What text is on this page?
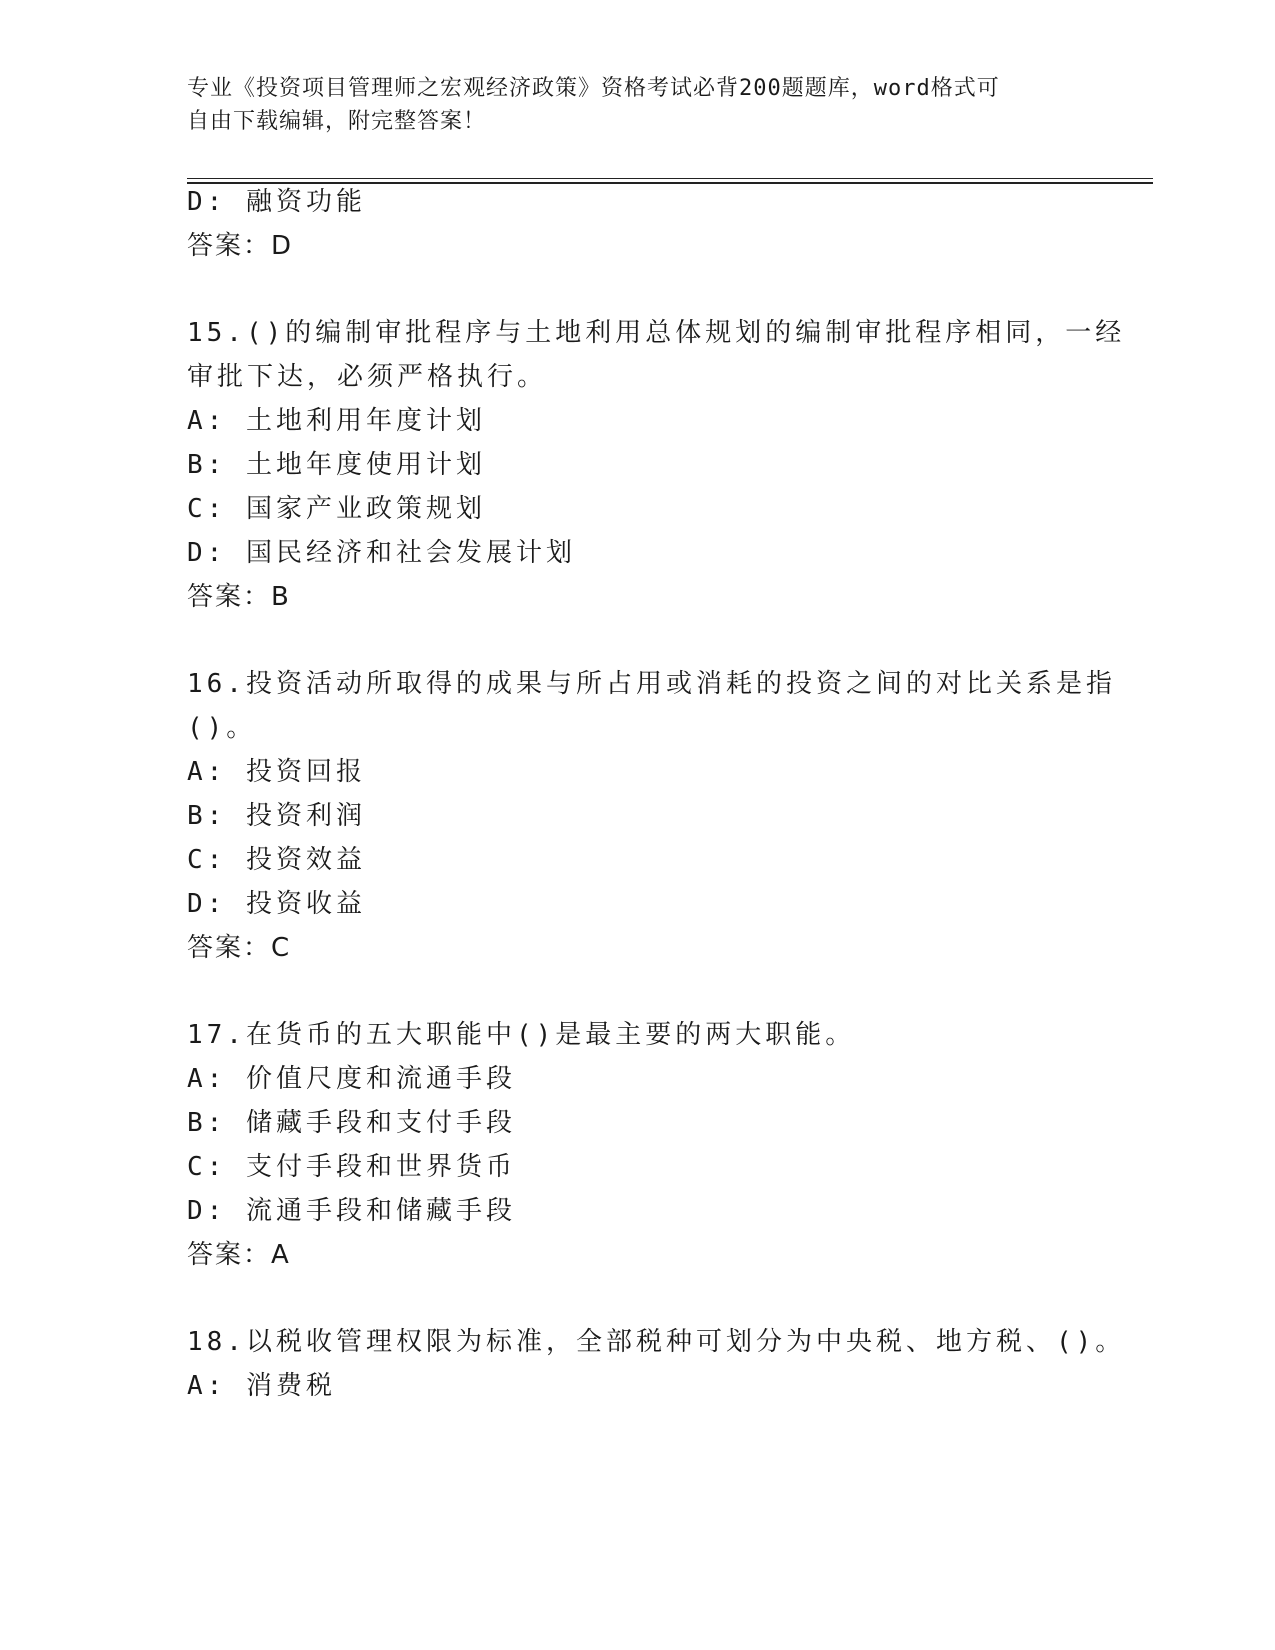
专业《投资项目管理师之宏观经济政策》资格考试必背200题题库，word格式可
自由下载编辑，附完整答案！
D: 融资功能
答案：D
15.()的编制审批程序与土地利用总体规划的编制审批程序相同，一经
审批下达，必须严格执行。
A: 土地利用年度计划
B: 土地年度使用计划
C: 国家产业政策规划
D: 国民经济和社会发展计划
答案：B
16.投资活动所取得的成果与所占用或消耗的投资之间的对比关系是指
()。
A: 投资回报
B: 投资利润
C: 投资效益
D: 投资收益
答案：C
17.在货币的五大职能中()是最主要的两大职能。
A: 价值尺度和流通手段
B: 储藏手段和支付手段
C: 支付手段和世界货币
D: 流通手段和储藏手段
答案：A
18.以税收管理权限为标准，全部税种可划分为中央税、地方税、()。
A: 消费税
